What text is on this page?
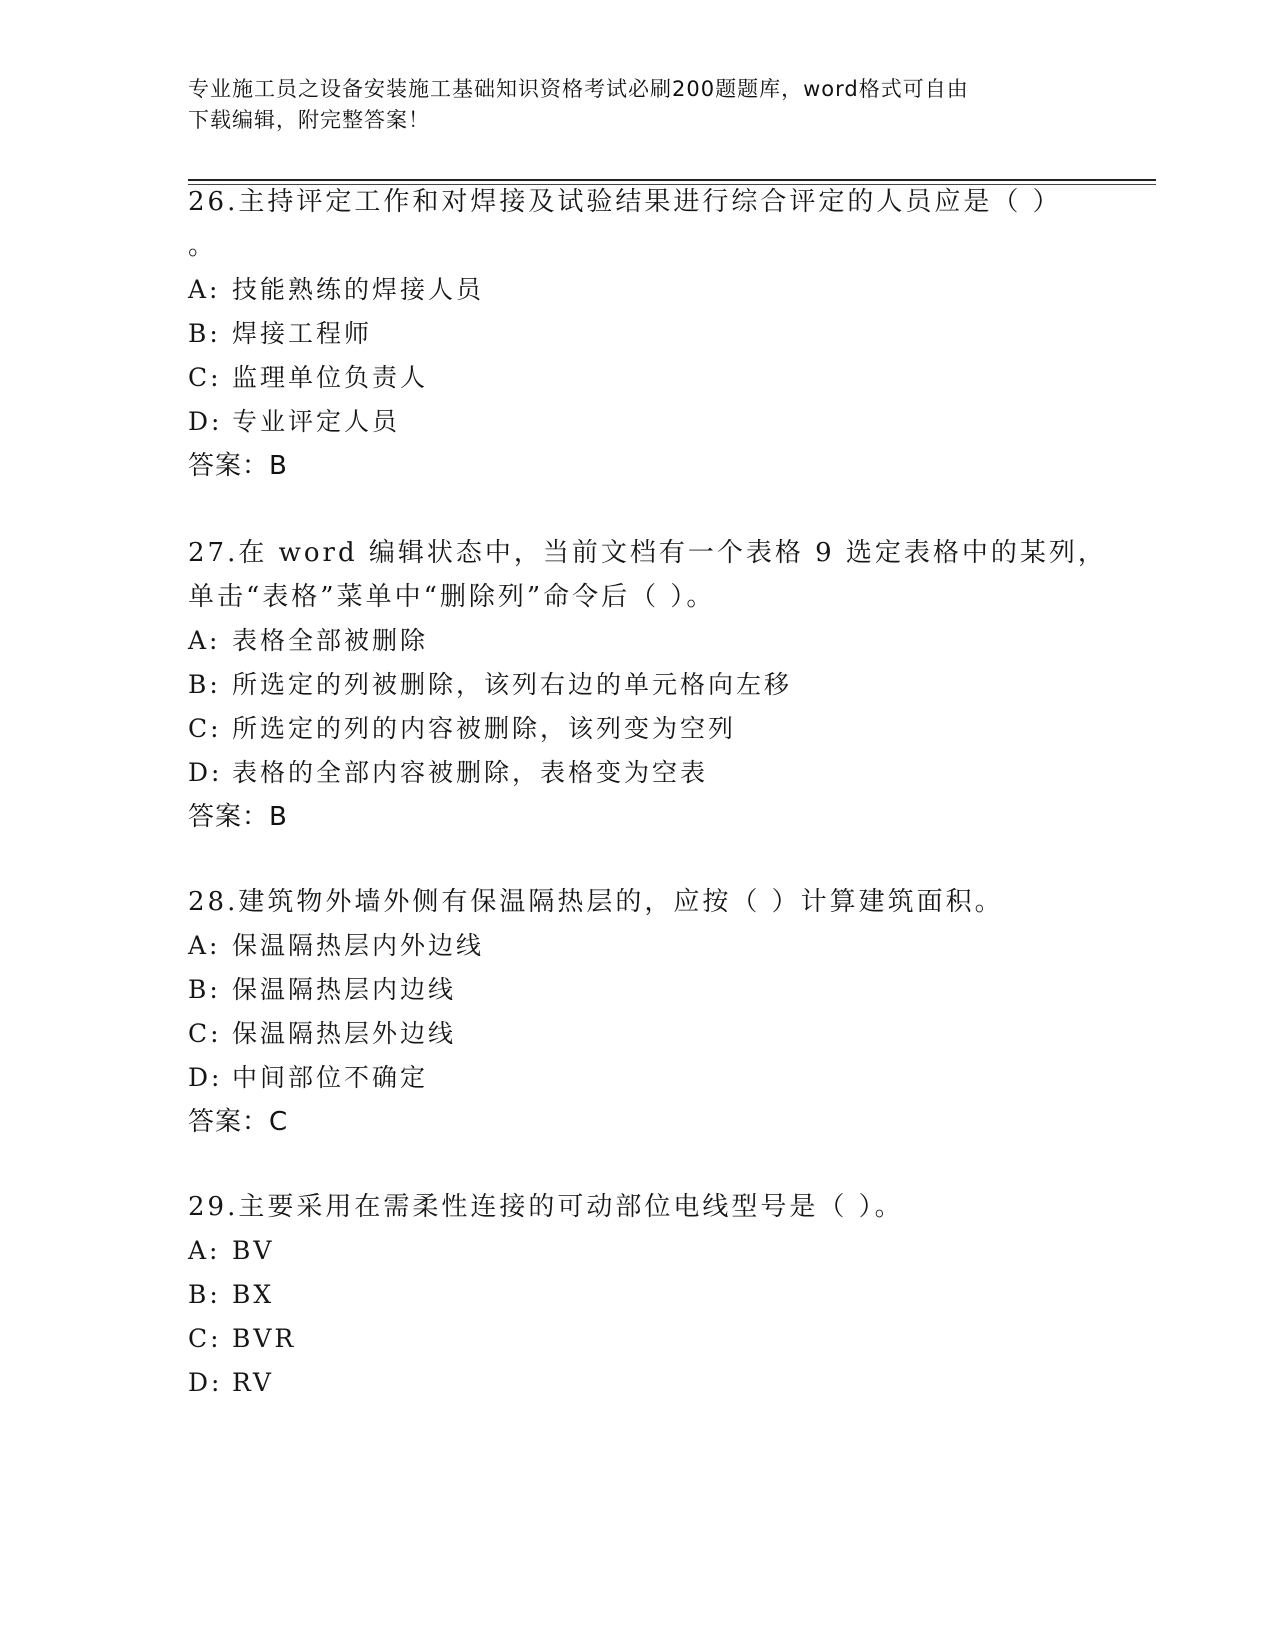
专业施工员之设备安装施工基础知识资格考试必刷200题题库，word格式可自由
下载编辑，附完整答案！
26.主持评定工作和对焊接及试验结果进行综合评定的人员应是（ ）
。
A: 技能熟练的焊接人员
B: 焊接工程师
C: 监理单位负责人
D: 专业评定人员
答案：B
27.在 word 编辑状态中，当前文档有一个表格 9 选定表格中的某列，
单击“表格”菜单中“删除列”命令后（ ）。
A: 表格全部被删除
B: 所选定的列被删除，该列右边的单元格向左移
C: 所选定的列的内容被删除，该列变为空列
D: 表格的全部内容被删除，表格变为空表
答案：B
28.建筑物外墙外侧有保温隔热层的，应按（ ）计算建筑面积。
A: 保温隔热层内外边线
B: 保温隔热层内边线
C: 保温隔热层外边线
D: 中间部位不确定
答案：C
29.主要采用在需柔性连接的可动部位电线型号是（ ）。
A: BV
B: BX
C: BVR
D: RV
